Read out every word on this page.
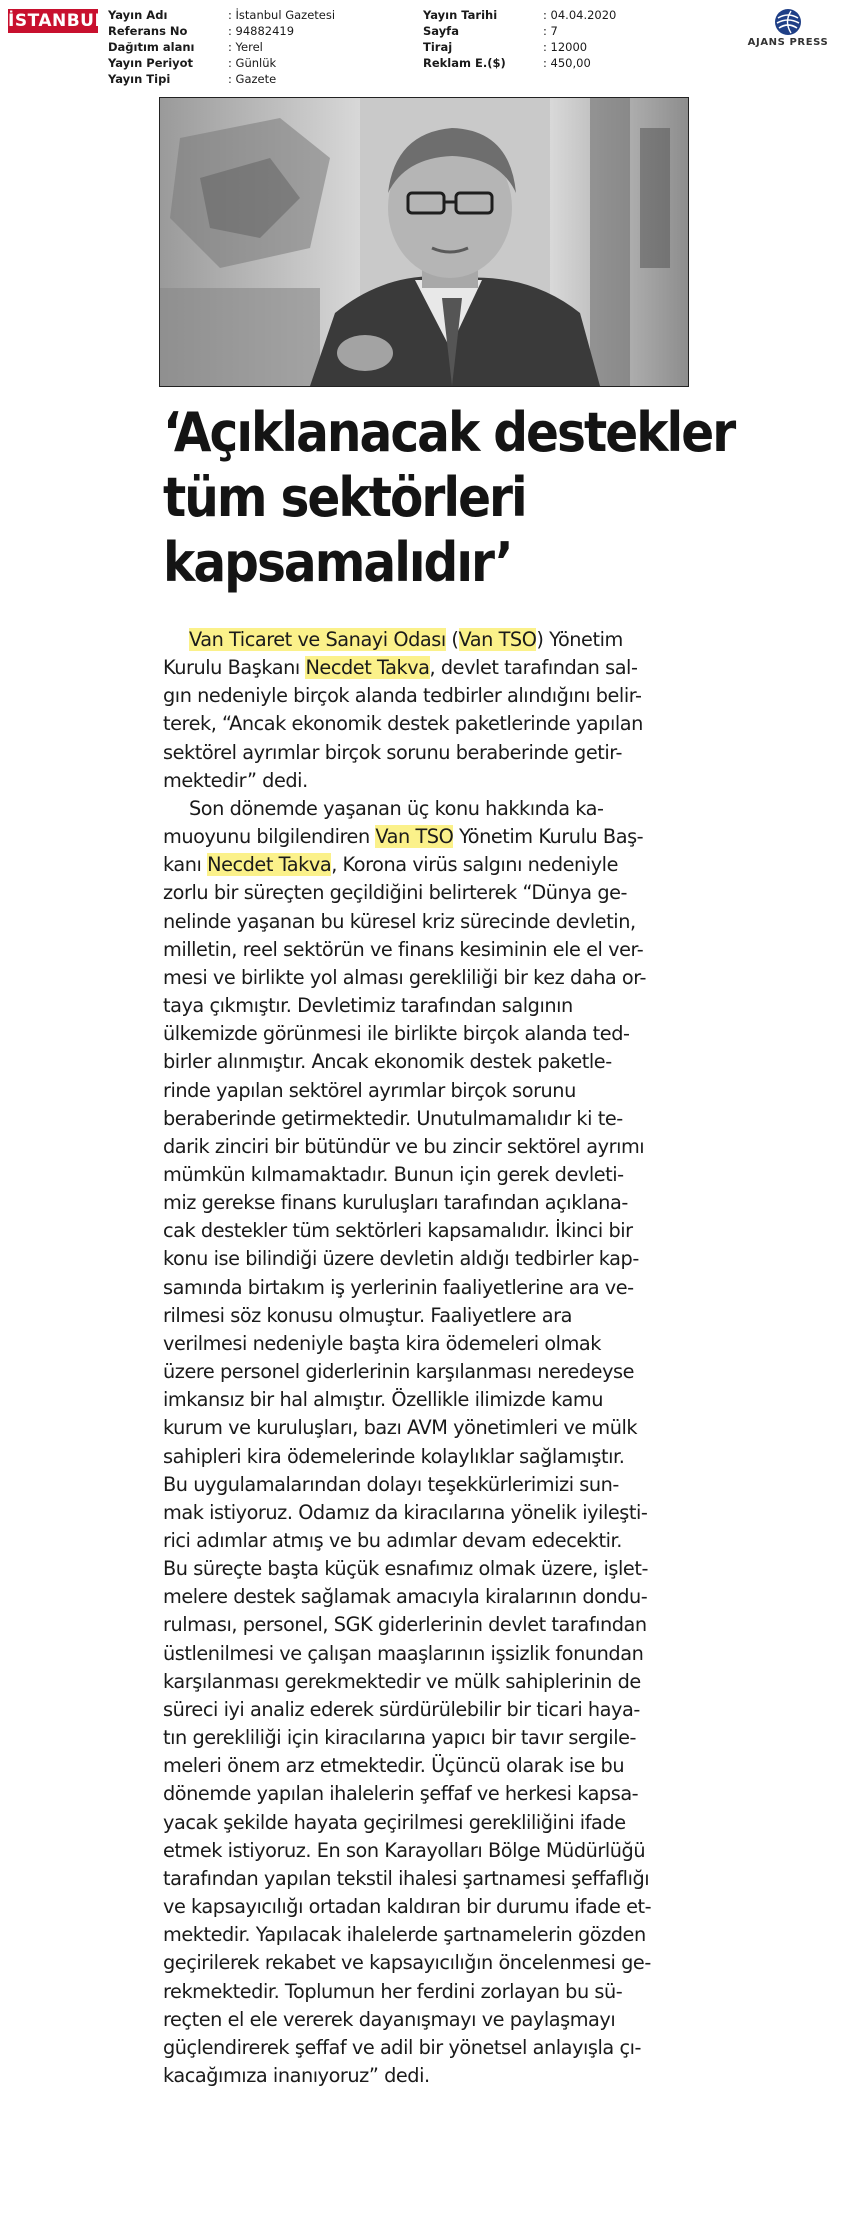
İSTANBUL Yayın Adı	: İstanbul Gazetesi
Referans No	: 94882419
Dağıtım alanı	: Yerel
Yayın Periyot	: Günlük
Yayın Tipi	: Gazete
Yayın Tarihi	: 04.04.2020
Sayfa	: 7
Tiraj	: 12000
Reklam E.($)	: 450,00
AJANS PRESS
‘Açıklanacak destekler
tüm sektörleri
kapsamalıdır’
Van Ticaret ve Sanayi Odası (Van TSO) Yönetim
Kurulu Başkanı Necdet Takva, devlet tarafından sal-
gın nedeniyle birçok alanda tedbirler alındığını belir-
terek, “Ancak ekonomik destek paketlerinde yapılan
sektörel ayrımlar birçok sorunu beraberinde getir-
mektedir” dedi.
Son dönemde yaşanan üç konu hakkında ka-
muoyunu bilgilendiren Van TSO Yönetim Kurulu Baş-
kanı Necdet Takva, Korona virüs salgını nedeniyle
zorlu bir süreçten geçildiğini belirterek “Dünya ge-
nelinde yaşanan bu küresel kriz sürecinde devletin,
milletin, reel sektörün ve finans kesiminin ele el ver-
mesi ve birlikte yol alması gerekliliği bir kez daha or-
taya çıkmıştır. Devletimiz tarafından salgının
ülkemizde görünmesi ile birlikte birçok alanda ted-
birler alınmıştır. Ancak ekonomik destek paketle-
rinde yapılan sektörel ayrımlar birçok sorunu
beraberinde getirmektedir. Unutulmamalıdır ki te-
darik zinciri bir bütündür ve bu zincir sektörel ayrımı
mümkün kılmamaktadır. Bunun için gerek devleti-
miz gerekse finans kuruluşları tarafından açıklana-
cak destekler tüm sektörleri kapsamalıdır. İkinci bir
konu ise bilindiği üzere devletin aldığı tedbirler kap-
samında birtakım iş yerlerinin faaliyetlerine ara ve-
rilmesi söz konusu olmuştur. Faaliyetlere ara
verilmesi nedeniyle başta kira ödemeleri olmak
üzere personel giderlerinin karşılanması neredeyse
imkansız bir hal almıştır. Özellikle ilimizde kamu
kurum ve kuruluşları, bazı AVM yönetimleri ve mülk
sahipleri kira ödemelerinde kolaylıklar sağlamıştır.
Bu uygulamalarından dolayı teşekkürlerimizi sun-
mak istiyoruz. Odamız da kiracılarına yönelik iyileşti-
rici adımlar atmış ve bu adımlar devam edecektir.
Bu süreçte başta küçük esnafımız olmak üzere, işlet-
melere destek sağlamak amacıyla kiralarının dondu-
rulması, personel, SGK giderlerinin devlet tarafından
üstlenilmesi ve çalışan maaşlarının işsizlik fonundan
karşılanması gerekmektedir ve mülk sahiplerinin de
süreci iyi analiz ederek sürdürülebilir bir ticari haya-
tın gerekliliği için kiracılarına yapıcı bir tavır sergile-
meleri önem arz etmektedir. Üçüncü olarak ise bu
dönemde yapılan ihalelerin şeffaf ve herkesi kapsa-
yacak şekilde hayata geçirilmesi gerekliliğini ifade
etmek istiyoruz. En son Karayolları Bölge Müdürlüğü
tarafından yapılan tekstil ihalesi şartnamesi şeffaflığı
ve kapsayıcılığı ortadan kaldıran bir durumu ifade et-
mektedir. Yapılacak ihalelerde şartnamelerin gözden
geçirilerek rekabet ve kapsayıcılığın öncelenmesi ge-
rekmektedir. Toplumun her ferdini zorlayan bu sü-
reçten el ele vererek dayanışmayı ve paylaşmayı
güçlendirerek şeffaf ve adil bir yönetsel anlayışla çı-
kacağımıza inanıyoruz” dedi.
